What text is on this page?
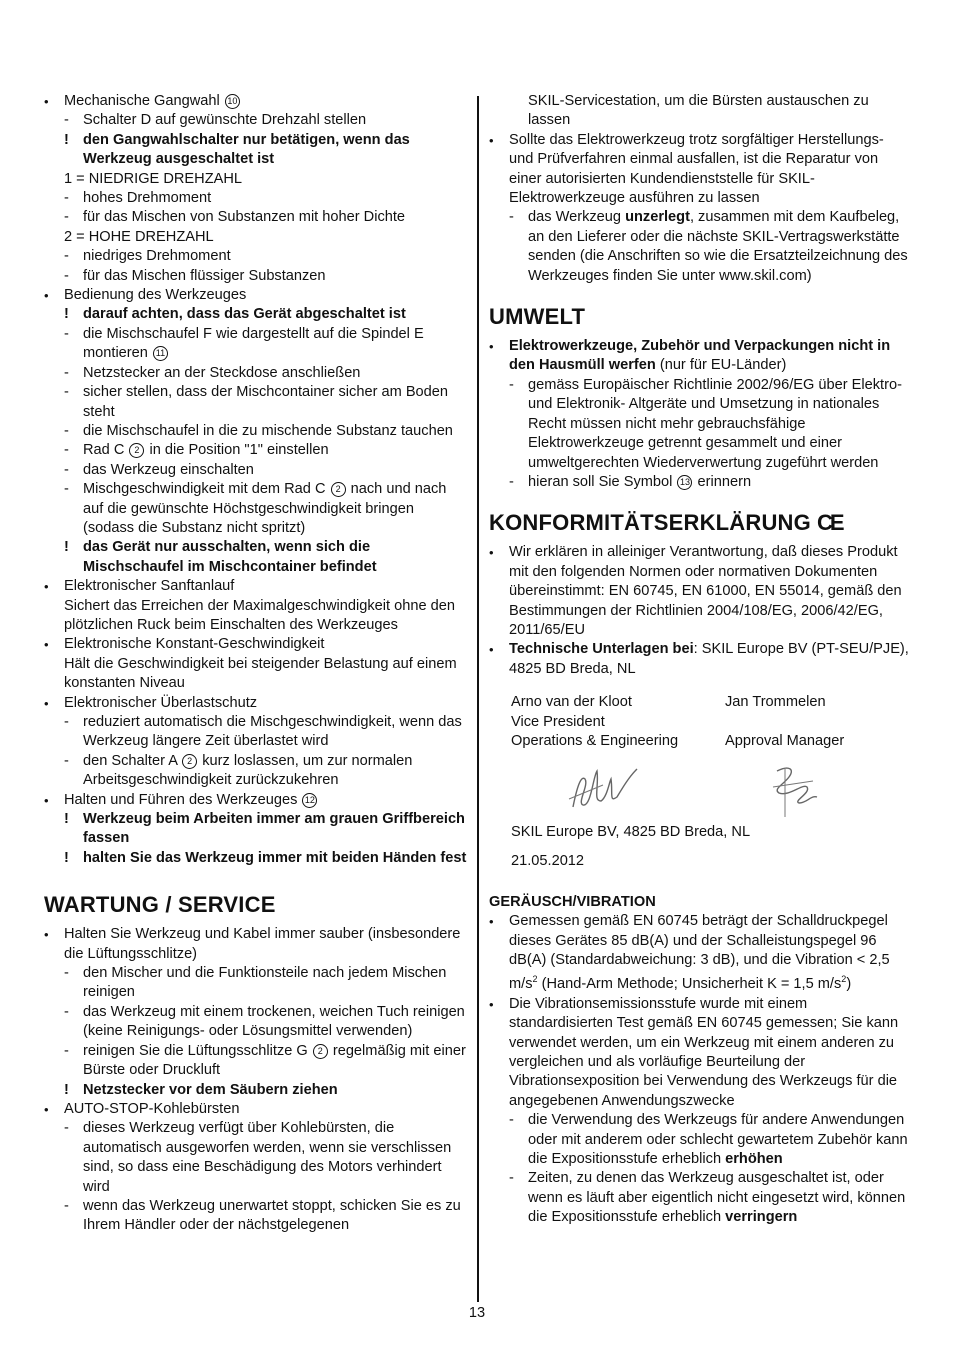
•	Mechanische Gangwahl 10
- Schalter D auf gewünschte Drehzahl stellen
! den Gangwahlschalter nur betätigen, wenn das Werkzeug ausgeschaltet ist
1 = NIEDRIGE DREHZAHL
- hohes Drehmoment
- für das Mischen von Substanzen mit hoher Dichte
2 = HOHE DREHZAHL
- niedriges Drehmoment
- für das Mischen flüssiger Substanzen
•	Bedienung des Werkzeuges
! darauf achten, dass das Gerät abgeschaltet ist
- die Mischschaufel F wie dargestellt auf die Spindel E montieren 11
- Netzstecker an der Steckdose anschließen
- sicher stellen, dass der Mischcontainer sicher am Boden steht
- die Mischschaufel in die zu mischende Substanz tauchen
- Rad C 2 in die Position "1" einstellen
- das Werkzeug einschalten
- Mischgeschwindigkeit mit dem Rad C 2 nach und nach auf die gewünschte Höchstgeschwindigkeit bringen (sodass die Substanz nicht spritzt)
! das Gerät nur ausschalten, wenn sich die Mischschaufel im Mischcontainer befindet
•	Elektronischer Sanftanlauf
Sichert das Erreichen der Maximalgeschwindigkeit ohne den plötzlichen Ruck beim Einschalten des Werkzeuges
•	Elektronische Konstant-Geschwindigkeit
Hält die Geschwindigkeit bei steigender Belastung auf einem konstanten Niveau
•	Elektronischer Überlastschutz
- reduziert automatisch die Mischgeschwindigkeit, wenn das Werkzeug längere Zeit überlastet wird
- den Schalter A 2 kurz loslassen, um zur normalen Arbeitsgeschwindigkeit zurückzukehren
•	Halten und Führen des Werkzeuges 12
! Werkzeug beim Arbeiten immer am grauen Griffbereich fassen
! halten Sie das Werkzeug immer mit beiden Händen fest
WARTUNG / SERVICE
•	Halten Sie Werkzeug und Kabel immer sauber (insbesondere die Lüftungsschlitze)
- den Mischer und die Funktionsteile nach jedem Mischen reinigen
- das Werkzeug mit einem trockenen, weichen Tuch reinigen (keine Reinigungs- oder Lösungsmittel verwenden)
- reinigen Sie die Lüftungsschlitze G 2 regelmäßig mit einer Bürste oder Druckluft
! Netzstecker vor dem Säubern ziehen
•	AUTO-STOP-Kohlebürsten
- dieses Werkzeug verfügt über Kohlebürsten, die automatisch ausgeworfen werden, wenn sie verschlissen sind, so dass eine Beschädigung des Motors verhindert wird
- wenn das Werkzeug unerwartet stoppt, schicken Sie es zu Ihrem Händler oder der nächstgelegenen
SKIL-Servicestation, um die Bürsten austauschen zu lassen
•	Sollte das Elektrowerkzeug trotz sorgfältiger Herstellungs- und Prüfverfahren einmal ausfallen, ist die Reparatur von einer autorisierten Kundendienststelle für SKIL-Elektrowerkzeuge ausführen zu lassen
- das Werkzeug unzerlegt, zusammen mit dem Kaufbeleg, an den Lieferer oder die nächste SKIL-Vertragswerkstätte senden (die Anschriften so wie die Ersatzteilzeichnung des Werkzeuges finden Sie unter www.skil.com)
UMWELT
•	Elektrowerkzeuge, Zubehör und Verpackungen nicht in den Hausmüll werfen (nur für EU-Länder)
- gemäss Europäischer Richtlinie 2002/96/EG über Elektro- und Elektronik- Altgeräte und Umsetzung in nationales Recht müssen nicht mehr gebrauchsfähige Elektrowerkzeuge getrennt gesammelt und einer umweltgerechten Wiederverwertung zugeführt werden
- hieran soll Sie Symbol 13 erinnern
KONFORMITÄTSERKLÄRUNG CE
•	Wir erklären in alleiniger Verantwortung, daß dieses Produkt mit den folgenden Normen oder normativen Dokumenten übereinstimmt: EN 60745, EN 61000, EN 55014, gemäß den Bestimmungen der Richtlinien 2004/108/EG, 2006/42/EG, 2011/65/EU
•	Technische Unterlagen bei: SKIL Europe BV (PT-SEU/PJE), 4825 BD Breda, NL
Arno van der Kloot	Jan Trommelen
Vice President
Operations & Engineering	Approval Manager
SKIL Europe BV, 4825 BD Breda, NL
21.05.2012
GERÄUSCH/VIBRATION
•	Gemessen gemäß EN 60745 beträgt der Schalldruckpegel dieses Gerätes 85 dB(A) und der Schalleistungspegel 96 dB(A) (Standardabweichung: 3 dB), und die Vibration < 2,5 $m/s^2$ (Hand-Arm Methode; Unsicherheit K = 1,5 $m/s^2$)
•	Die Vibrationsemissionsstufe wurde mit einem standardisierten Test gemäß EN 60745 gemessen; Sie kann verwendet werden, um ein Werkzeug mit einem anderen zu vergleichen und als vorläufige Beurteilung der Vibrationsexposition bei Verwendung des Werkzeugs für die angegebenen Anwendungszwecke
- die Verwendung des Werkzeugs für andere Anwendungen oder mit anderem oder schlecht gewartetem Zubehör kann die Expositionsstufe erheblich erhöhen
- Zeiten, zu denen das Werkzeug ausgeschaltet ist, oder wenn es läuft aber eigentlich nicht eingesetzt wird, können die Expositionsstufe erheblich verringern
13
